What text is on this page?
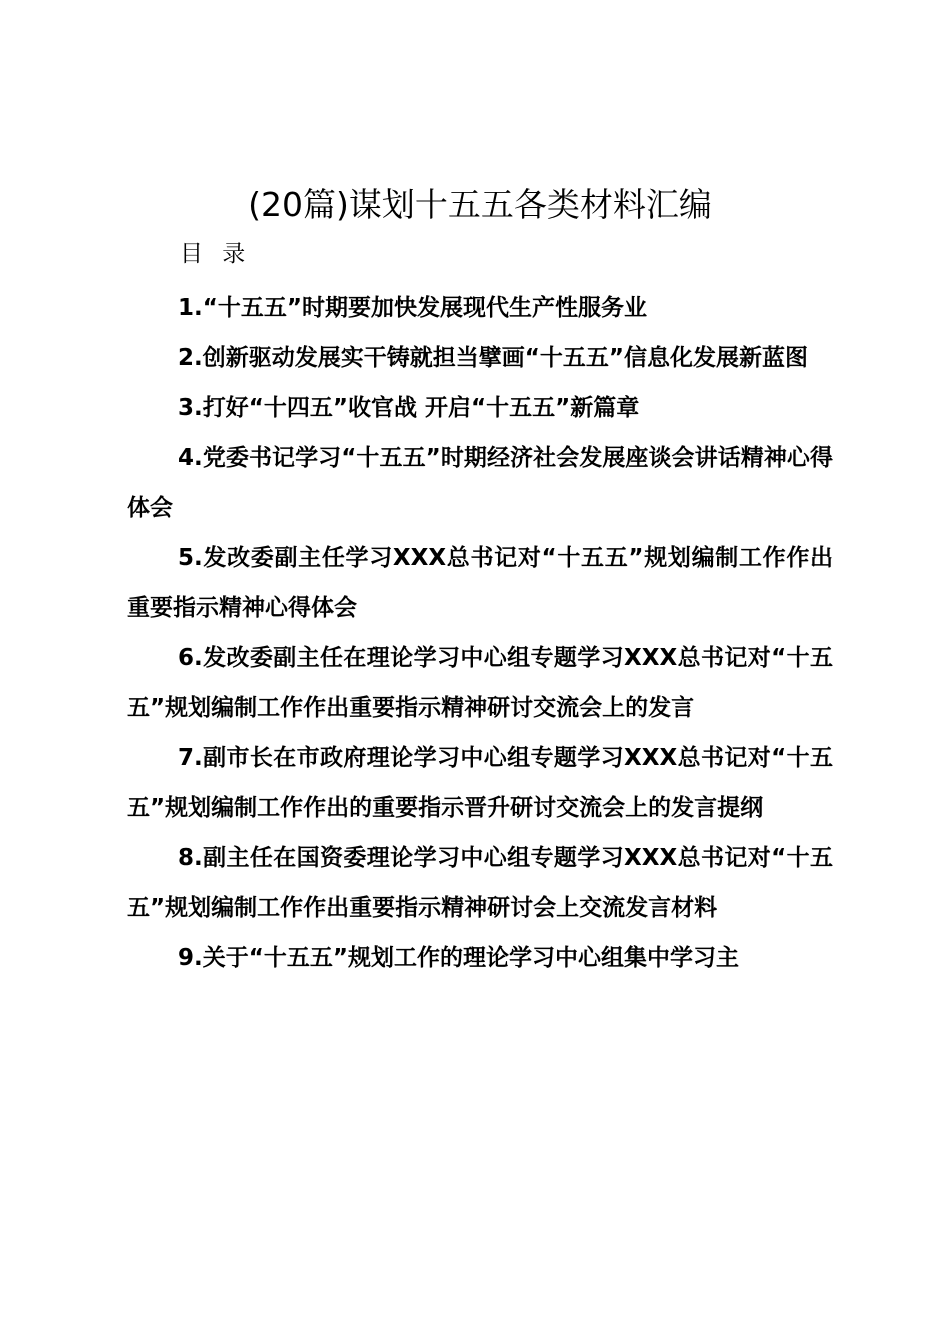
(20篇)谋划十五五各类材料汇编
目 录
1.“十五五”时期要加快发展现代生产性服务业
2.创新驱动发展实干铸就担当擘画“十五五”信息化发展新蓝图
3.打好“十四五”收官战 开启“十五五”新篇章
4.党委书记学习“十五五”时期经济社会发展座谈会讲话精神心得体会
5.发改委副主任学习XXX总书记对“十五五”规划编制工作作出重要指示精神心得体会
6.发改委副主任在理论学习中心组专题学习XXX总书记对“十五五”规划编制工作作出重要指示精神研讨交流会上的发言
7.副市长在市政府理论学习中心组专题学习XXX总书记对“十五五”规划编制工作作出的重要指示晋升研讨交流会上的发言提纲
8.副主任在国资委理论学习中心组专题学习XXX总书记对“十五五”规划编制工作作出重要指示精神研讨会上交流发言材料
9.关于“十五五”规划工作的理论学习中心组集中学习主
